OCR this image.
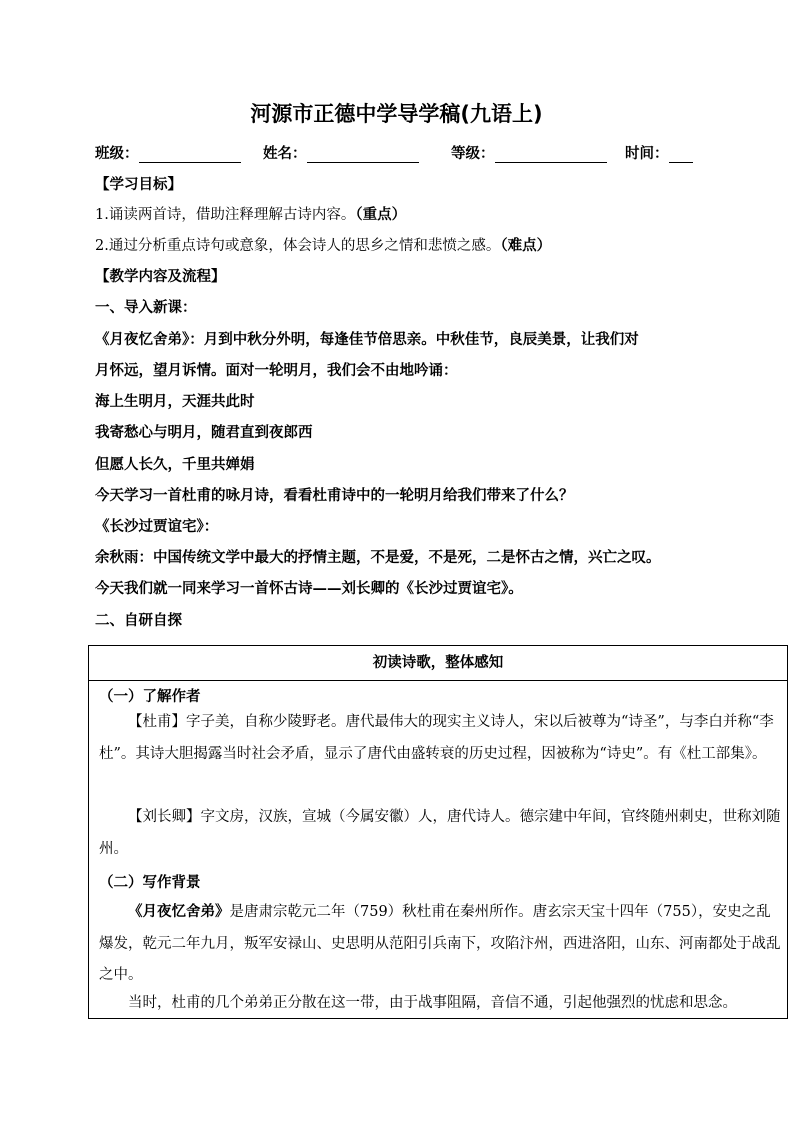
河源市正德中学导学稿(九语上)
班级：	姓名：	等级：	时间：
【学习目标】
1.诵读两首诗，借助注释理解古诗内容。（重点）
2.通过分析重点诗句或意象，体会诗人的思乡之情和悲愤之感。（难点）
【教学内容及流程】
一、导入新课：
《月夜忆舍弟》：月到中秋分外明，每逢佳节倍思亲。中秋佳节，良辰美景，让我们对
月怀远，望月诉情。面对一轮明月，我们会不由地吟诵：
海上生明月，天涯共此时
我寄愁心与明月，随君直到夜郎西
但愿人长久，千里共婵娟
今天学习一首杜甫的咏月诗，看看杜甫诗中的一轮明月给我们带来了什么？
《长沙过贾谊宅》：
余秋雨：中国传统文学中最大的抒情主题，不是爱，不是死，二是怀古之情，兴亡之叹。
今天我们就一同来学习一首怀古诗——刘长卿的《长沙过贾谊宅》。
二、自研自探
初读诗歌，整体感知
（一）了解作者
【杜甫】字子美，自称少陵野老。唐代最伟大的现实主义诗人，宋以后被尊为“诗圣”，与李白并称“李杜”。其诗大胆揭露当时社会矛盾，显示了唐代由盛转衰的历史过程，因被称为“诗史”。有《杜工部集》。
【刘长卿】字文房，汉族，宣城（今属安徽）人，唐代诗人。德宗建中年间，官终随州刺史，世称刘随州。
（二）写作背景
《月夜忆舍弟》是唐肃宗乾元二年（759）秋杜甫在秦州所作。唐玄宗天宝十四年（755），安史之乱爆发，乾元二年九月，叛军安禄山、史思明从范阳引兵南下，攻陷汴州，西进洛阳，山东、河南都处于战乱之中。
当时，杜甫的几个弟弟正分散在这一带，由于战事阻隔，音信不通，引起他强烈的忧虑和思念。
